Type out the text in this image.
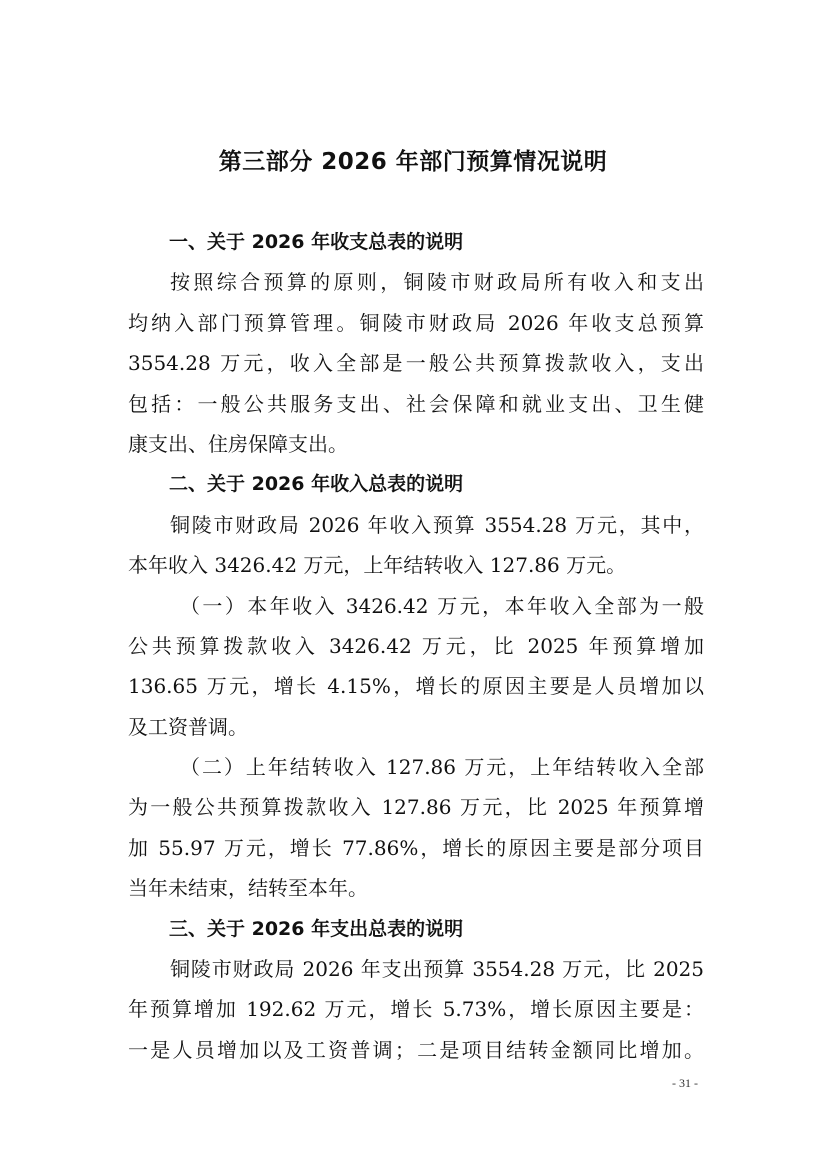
第三部分 2026 年部门预算情况说明
一、关于 2026 年收支总表的说明
按照综合预算的原则，铜陵市财政局所有收入和支出
均纳入部门预算管理。铜陵市财政局 2026 年收支总预算
3554.28 万元，收入全部是一般公共预算拨款收入，支出
包括：一般公共服务支出、社会保障和就业支出、卫生健
康支出、住房保障支出。
二、关于 2026 年收入总表的说明
铜陵市财政局 2026 年收入预算 3554.28 万元，其中，
本年收入 3426.42 万元，上年结转收入 127.86 万元。
（一）本年收入 3426.42 万元，本年收入全部为一般
公共预算拨款收入 3426.42 万元，比 2025 年预算增加
136.65 万元，增长 4.15%，增长的原因主要是人员增加以
及工资普调。
（二）上年结转收入 127.86 万元，上年结转收入全部
为一般公共预算拨款收入 127.86 万元，比 2025 年预算增
加 55.97 万元，增长 77.86%，增长的原因主要是部分项目
当年未结束，结转至本年。
三、关于 2026 年支出总表的说明
铜陵市财政局 2026 年支出预算 3554.28 万元，比 2025
年预算增加 192.62 万元，增长 5.73%，增长原因主要是：
一是人员增加以及工资普调；二是项目结转金额同比增加。
- 31 -
